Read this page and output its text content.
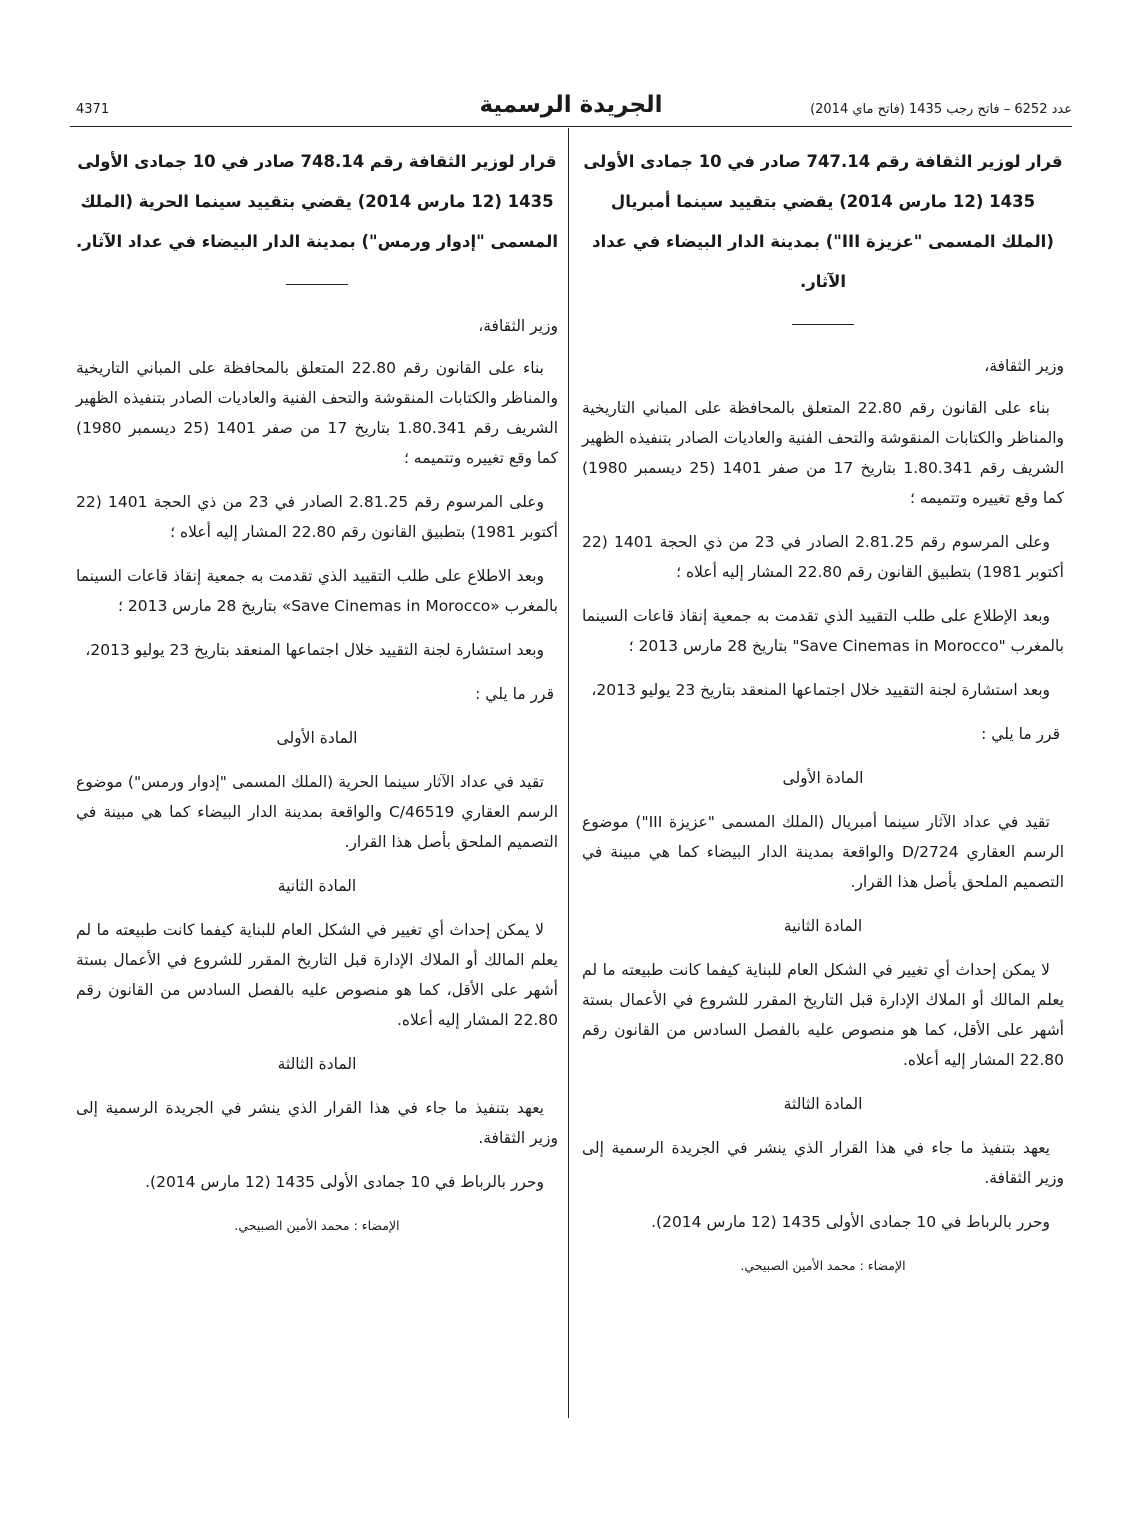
4371	الجريدة الرسمية	عدد 6252 – فاتح رجب 1435 (فاتح ماي 2014)
قرار لوزير الثقافة رقم 747.14 صادر في 10 جمادى الأولى 1435 (12 مارس 2014) يقضي بتقييد سينما أمبريال (الملك المسمى "عزيزة III") بمدينة الدار البيضاء في عداد الآثار.

وزير الثقافة،

بناء على القانون رقم 22.80 المتعلق بالمحافظة على المباني التاريخية والمناظر والكتابات المنقوشة والتحف الفنية والعاديات الصادر بتنفيذه الظهير الشريف رقم 1.80.341 بتاريخ 17 من صفر 1401 (25 ديسمبر 1980) كما وقع تغييره وتتميمه ؛

وعلى المرسوم رقم 2.81.25 الصادر في 23 من ذي الحجة 1401 (22 أكتوبر 1981) بتطبيق القانون رقم 22.80 المشار إليه أعلاه ؛

وبعد الإطلاع على طلب التقييد الذي تقدمت به جمعية إنقاذ قاعات السينما بالمغرب "Save Cinemas in Morocco" بتاريخ 28 مارس 2013 ؛

وبعد استشارة لجنة التقييد خلال اجتماعها المنعقد بتاريخ 23 يوليو 2013،

قرر ما يلي :

المادة الأولى

تقيد في عداد الآثار سينما أمبريال (الملك المسمى "عزيزة III") موضوع الرسم العقاري D/2724 والواقعة بمدينة الدار البيضاء كما هي مبينة في التصميم الملحق بأصل هذا القرار.

المادة الثانية

لا يمكن إحداث أي تغيير في الشكل العام للبناية كيفما كانت طبيعته ما لم يعلم المالك أو الملاك الإدارة قبل التاريخ المقرر للشروع في الأعمال بستة أشهر على الأقل، كما هو منصوص عليه بالفصل السادس من القانون رقم 22.80 المشار إليه أعلاه.

المادة الثالثة

يعهد بتنفيذ ما جاء في هذا القرار الذي ينشر في الجريدة الرسمية إلى وزير الثقافة.

وحرر بالرباط في 10 جمادى الأولى 1435 (12 مارس 2014).

الإمضاء : محمد الأمين الصبيحي.

قرار لوزير الثقافة رقم 748.14 صادر في 10 جمادى الأولى 1435 (12 مارس 2014) يقضي بتقييد سينما الحرية (الملك المسمى "إدوار ورمس") بمدينة الدار البيضاء في عداد الآثار.

وزير الثقافة،

بناء على القانون رقم 22.80 المتعلق بالمحافظة على المباني التاريخية والمناظر والكتابات المنقوشة والتحف الفنية والعاديات الصادر بتنفيذه الظهير الشريف رقم 1.80.341 بتاريخ 17 من صفر 1401 (25 ديسمبر 1980) كما وقع تغييره وتتميمه ؛

وعلى المرسوم رقم 2.81.25 الصادر في 23 من ذي الحجة 1401 (22 أكتوبر 1981) بتطبيق القانون رقم 22.80 المشار إليه أعلاه ؛

وبعد الاطلاع على طلب التقييد الذي تقدمت به جمعية إنقاذ قاعات السينما بالمغرب «Save Cinemas in Morocco» بتاريخ 28 مارس 2013 ؛

وبعد استشارة لجنة التقييد خلال اجتماعها المنعقد بتاريخ 23 يوليو 2013،

قرر ما يلي :

المادة الأولى

تقيد في عداد الآثار سينما الحرية (الملك المسمى "إدوار ورمس") موضوع الرسم العقاري C/46519 والواقعة بمدينة الدار البيضاء كما هي مبينة في التصميم الملحق بأصل هذا القرار.

المادة الثانية

لا يمكن إحداث أي تغيير في الشكل العام للبناية كيفما كانت طبيعته ما لم يعلم المالك أو الملاك الإدارة قبل التاريخ المقرر للشروع في الأعمال بستة أشهر على الأقل، كما هو منصوص عليه بالفصل السادس من القانون رقم 22.80 المشار إليه أعلاه.

المادة الثالثة

يعهد بتنفيذ ما جاء في هذا القرار الذي ينشر في الجريدة الرسمية إلى وزير الثقافة.

وحرر بالرباط في 10 جمادى الأولى 1435 (12 مارس 2014).

الإمضاء : محمد الأمين الصبيحي.
